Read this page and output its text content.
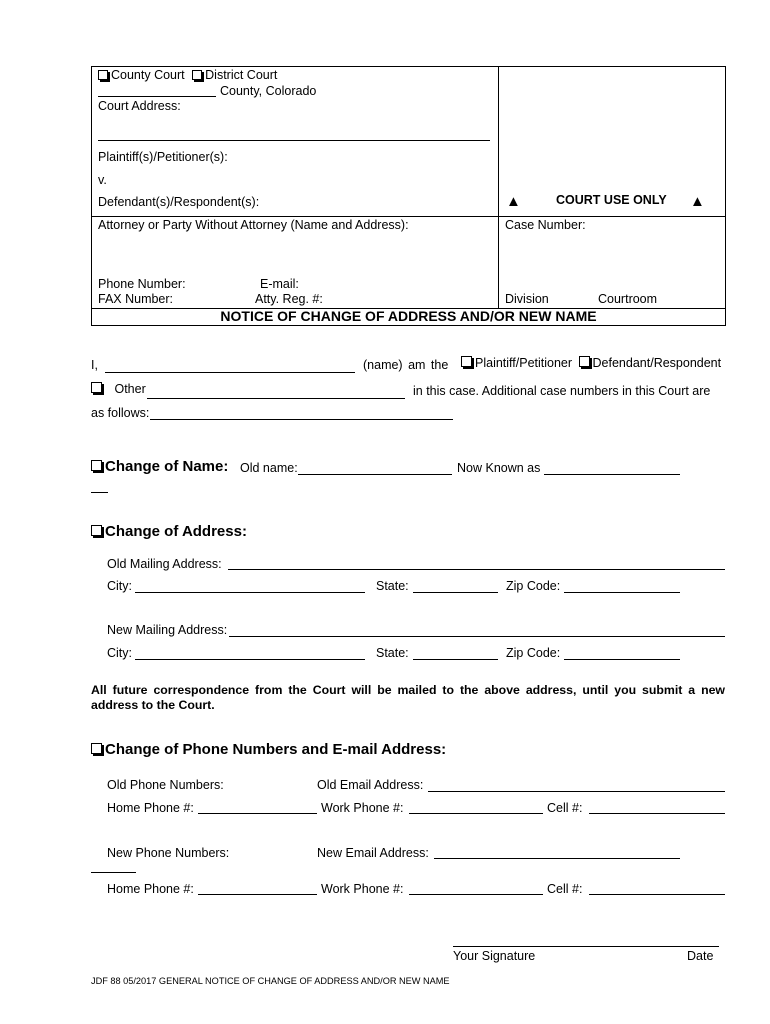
County Court District Court
County, Colorado
Court Address:
Plaintiff(s)/Petitioner(s):
v.
Defendant(s)/Respondent(s):	▲	COURT USE ONLY ▲
Attorney or Party Without Attorney (Name and Address):	Case Number:
Phone Number:	E-mail:
FAX Number:	Atty. Reg. #:	Division	Courtroom
NOTICE OF CHANGE OF ADDRESS AND/OR NEW NAME
I,	(name) am the	Plaintiff/Petitioner Defendant/Respondent
Other	in this case. Additional case numbers in this Court are
as follows:
Change of Name: Old name:	Now Known as
Change of Address:
Old Mailing Address:
City:	State:	Zip Code:
New Mailing Address:
City:	State:	Zip Code:
All future correspondence from the Court will be mailed to the above address, until you submit a new address to the Court.
Change of Phone Numbers and E-mail Address:
Old Phone Numbers:	Old Email Address:
Home Phone #:	Work Phone #:	Cell #:
New Phone Numbers:	New Email Address:
Home Phone #:	Work Phone #:	Cell #:
Your Signature	Date
JDF 88 05/2017 GENERAL NOTICE OF CHANGE OF ADDRESS AND/OR NEW NAME
